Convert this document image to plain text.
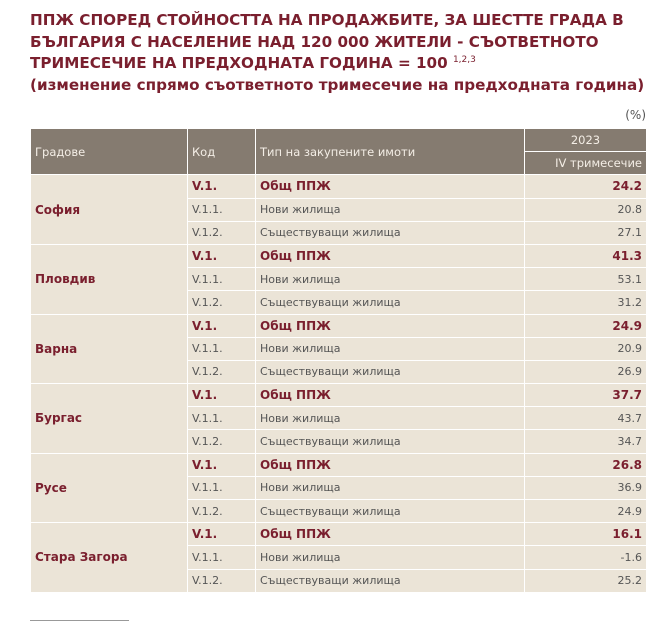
ППЖ СПОРЕД СТОЙНОСТТА НА ПРОДАЖБИТЕ, ЗА ШЕСТТЕ ГРАДА В БЪЛГАРИЯ С НАСЕЛЕНИЕ НАД 120 000 ЖИТЕЛИ - СЪОТВЕТНОТО ТРИМЕСЕЧИЕ НА ПРЕДХОДНАТА ГОДИНА = 100 $^{1,2,3}$
(изменение спрямо съответното тримесечие на предходната година)
(%)
Градове	Код	Тип на закупените имоти	2023
			IV тримесечие
София	V.1.	Общ ППЖ	24.2
	V.1.1.	Нови жилища	20.8
	V.1.2.	Съществуващи жилища	27.1
Пловдив	V.1.	Общ ППЖ	41.3
	V.1.1.	Нови жилища	53.1
	V.1.2.	Съществуващи жилища	31.2
Варна	V.1.	Общ ППЖ	24.9
	V.1.1.	Нови жилища	20.9
	V.1.2.	Съществуващи жилища	26.9
Бургас	V.1.	Общ ППЖ	37.7
	V.1.1.	Нови жилища	43.7
	V.1.2.	Съществуващи жилища	34.7
Русе	V.1.	Общ ППЖ	26.8
	V.1.1.	Нови жилища	36.9
	V.1.2.	Съществуващи жилища	24.9
Стара Загора	V.1.	Общ ППЖ	16.1
	V.1.1.	Нови жилища	-1.6
	V.1.2.	Съществуващи жилища	25.2
